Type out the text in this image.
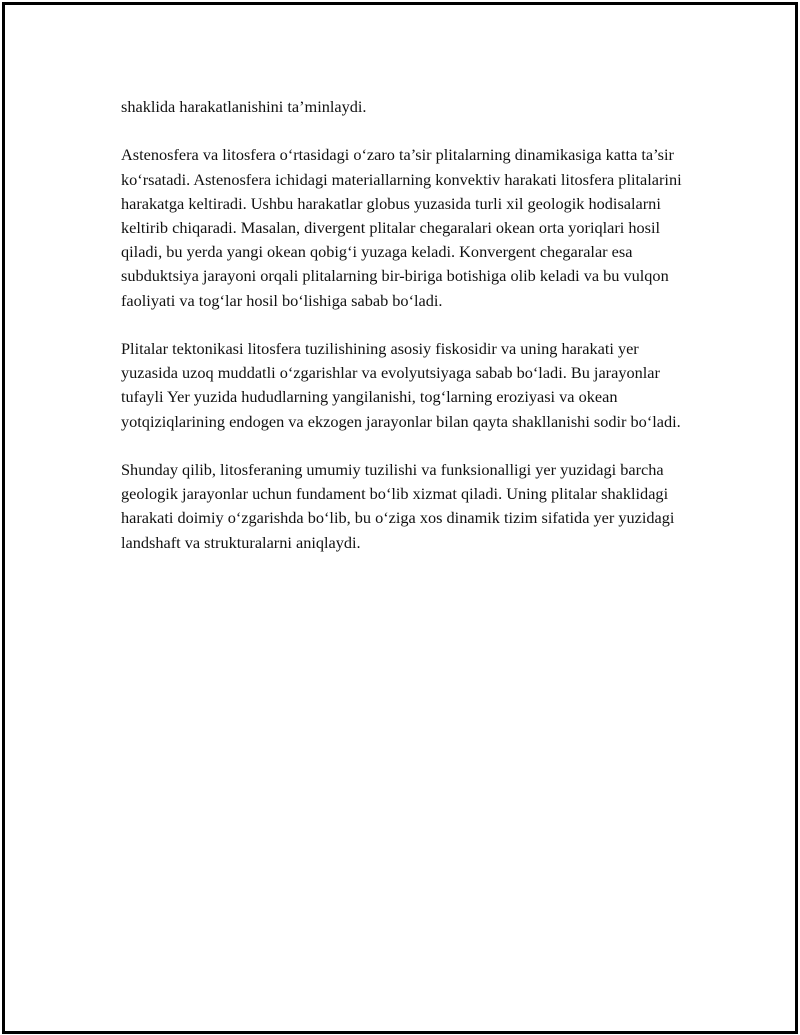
shaklida harakatlanishini ta’minlaydi.

Astenosfera va litosfera o‘rtasidagi o‘zaro ta’sir plitalarning dinamikasiga katta ta’sir ko‘rsatadi. Astenosfera ichidagi materiallarning konvektiv harakati litosfera plitalarini harakatga keltiradi. Ushbu harakatlar globus yuzasida turli xil geologik hodisalarni keltirib chiqaradi. Masalan, divergent plitalar chegaralari okean orta yoriqlari hosil qiladi, bu yerda yangi okean qobig‘i yuzaga keladi. Konvergent chegaralar esa subduktsiya jarayoni orqali plitalarning bir-biriga botishiga olib keladi va bu vulqon faoliyati va tog‘lar hosil bo‘lishiga sabab bo‘ladi.

Plitalar tektonikasi litosfera tuzilishining asosiy fiskosidir va uning harakati yer yuzasida uzoq muddatli o‘zgarishlar va evolyutsiyaga sabab bo‘ladi. Bu jarayonlar tufayli Yer yuzida hududlarning yangilanishi, tog‘larning eroziyasi va okean yotqiziqlarining endogen va ekzogen jarayonlar bilan qayta shakllanishi sodir bo‘ladi.

Shunday qilib, litosferaning umumiy tuzilishi va funksionalligi yer yuzidagi barcha geologik jarayonlar uchun fundament bo‘lib xizmat qiladi. Uning plitalar shaklidagi harakati doimiy o‘zgarishda bo‘lib, bu o‘ziga xos dinamik tizim sifatida yer yuzidagi landshaft va strukturalarni aniqlaydi.
